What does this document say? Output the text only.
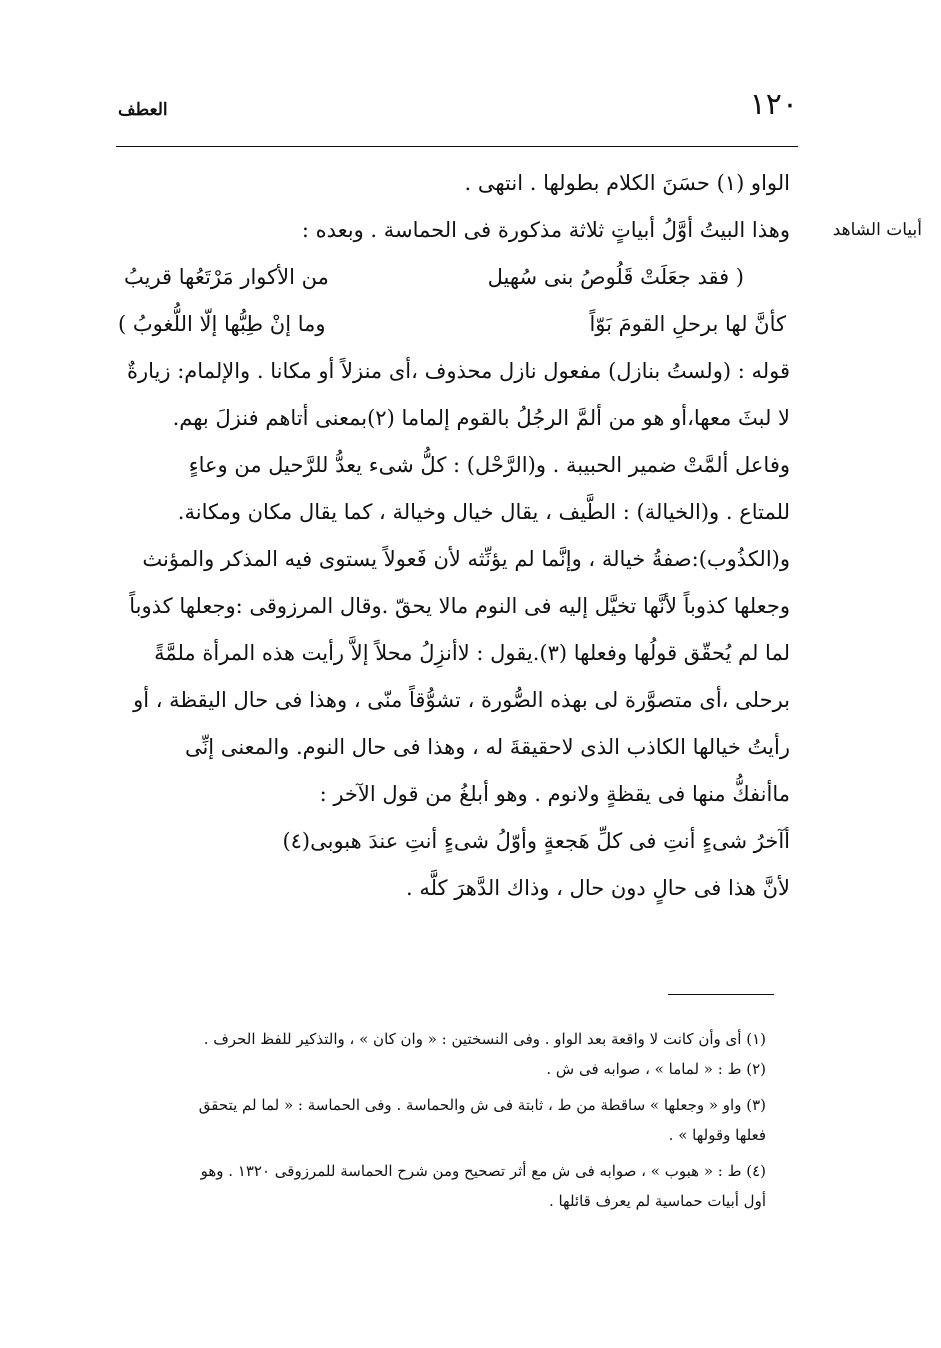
١٢٠
العطف
أبيات الشاهد
الواو (١) حسَنَ الكلام بطولها . انتهى .
وهذا البيتُ أوَّلُ أبياتٍ ثلاثة مذكورة فى الحماسة . وبعده :
( فقد جعَلَتْ قَلُوصُ بنى سُهيل
من الأكوار مَرْتَعُها قريبُ
كأنَّ لها برحلِ القومَ بَوّاً
وما إنْ طِبُّها إلّا اللُّغوبُ )
قوله : (ولستُ بنازل) مفعول نازل محذوف ،أى منزلاً أو مكانا . والإلمام: زيارةٌ
لا لبثَ معها،أو هو من ألمَّ الرجُلُ بالقوم إلماما (٢)بمعنى أتاهم فنزلَ بهم.
وفاعل ألمَّتْ ضمير الحبيبة . و(الرَّحْل) : كلُّ شىء يعدُّ للرَّحيل من وعاءٍ
للمتاع . و(الخيالة) : الطَّيف ، يقال خيال وخيالة ، كما يقال مكان ومكانة.
و(الكذُوب):صفةُ خيالة ، وإنَّما لم يؤنِّثه لأن فَعولاً يستوى فيه المذكر والمؤنث
وجعلها كذوباً لأنَّها تخيَّل إليه فى النوم مالا يحقّ .وقال المرزوقى :وجعلها كذوباً
لما لم يُحقّق قولُها وفعلها (٣).يقول : لاأنزِلُ محلاً إلاَّ رأيت هذه المرأة ملمَّةً
برحلى ،أى متصوَّرة لى بهذه الصُّورة ، تشوُّقاً منّى ، وهذا فى حال اليقظة ، أو
رأيتُ خيالها الكاذب الذى لاحقيقةَ له ، وهذا فى حال النوم. والمعنى إنِّى
ماأنفكُّ منها فى يقظةٍ ولانوم . وهو أبلغُ من قول الآخر :
أآخرُ شىءٍ أنتِ فى كلِّ هَجعةٍ وأوّلُ شىءٍ أنتِ عندَ هبوبى(٤)
لأنَّ هذا فى حالٍ دون حال ، وذاك الدَّهرَ كلَّه .
(١) أى وأن كانت لا واقعة بعد الواو . وفى النسختين : « وان كان » ، والتذكير للفظ الحرف .
(٢) ط : « لماما » ، صوابه فى ش .
(٣) واو « وجعلها » ساقطة من ط ، ثابتة فى ش والحماسة . وفى الحماسة : « لما لم يتحقق
فعلها وقولها » .
(٤) ط : « هبوب » ، صوابه فى ش مع أثر تصحيح ومن شرح الحماسة للمرزوقى ١٣٢٠ . وهو
أول أبيات حماسية لم يعرف قائلها .
